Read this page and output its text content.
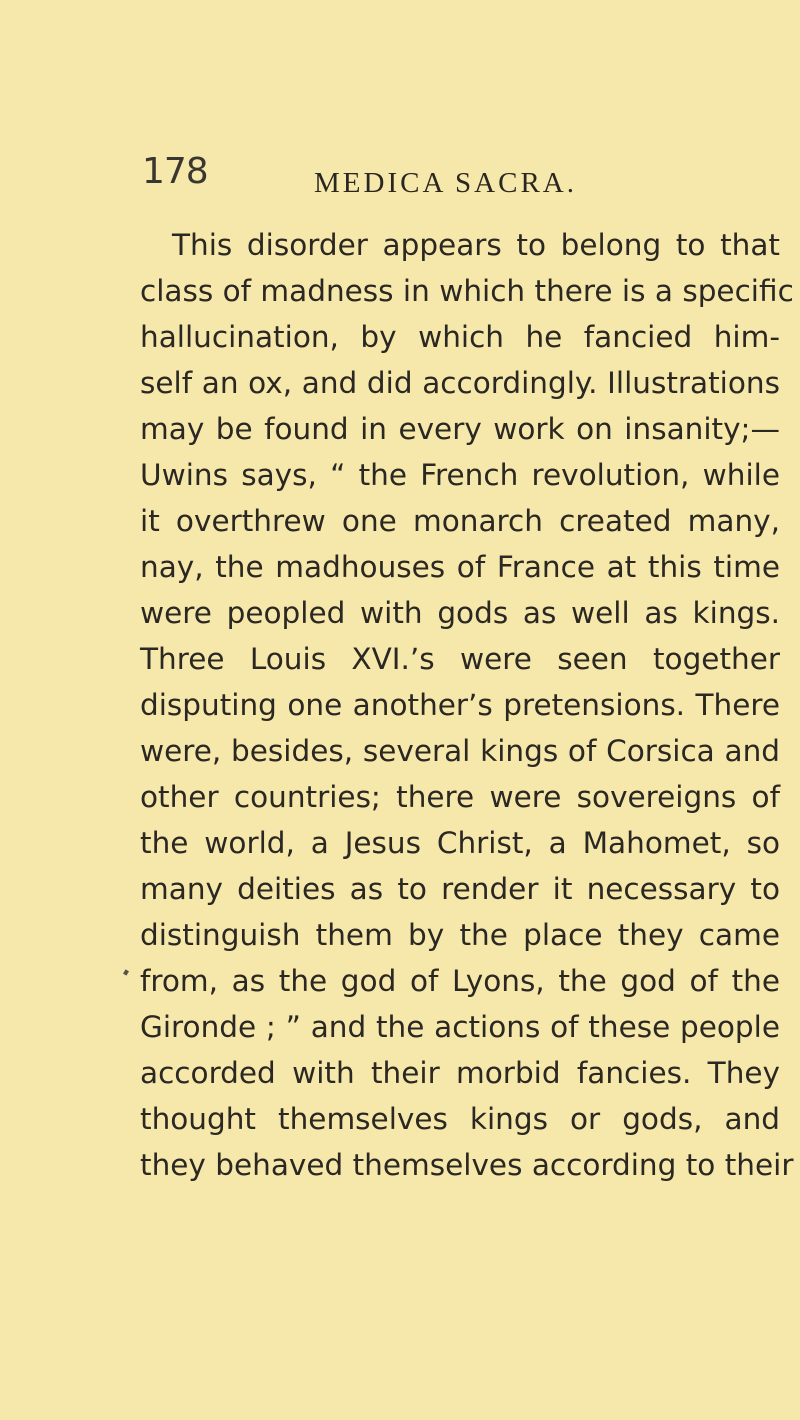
178	MEDICA SACRA.
This disorder appears to belong to that
class of madness in which there is a specific
hallucination, by which he fancied him-
self an ox, and did accordingly. Illustrations
may be found in every work on insanity;—
Uwins says, “ the French revolution, while
it overthrew one monarch created many,
nay, the madhouses of France at this time
were peopled with gods as well as kings.
Three Louis XVI.’s were seen together
disputing one another’s pretensions. There
were, besides, several kings of Corsica and
other countries; there were sovereigns of
the world, a Jesus Christ, a Mahomet, so
many deities as to render it necessary to
distinguish them by the place they came
from, as the god of Lyons, the god of the
Gironde ; ” and the actions of these people
accorded with their morbid fancies. They
thought themselves kings or gods, and
they behaved themselves according to their
